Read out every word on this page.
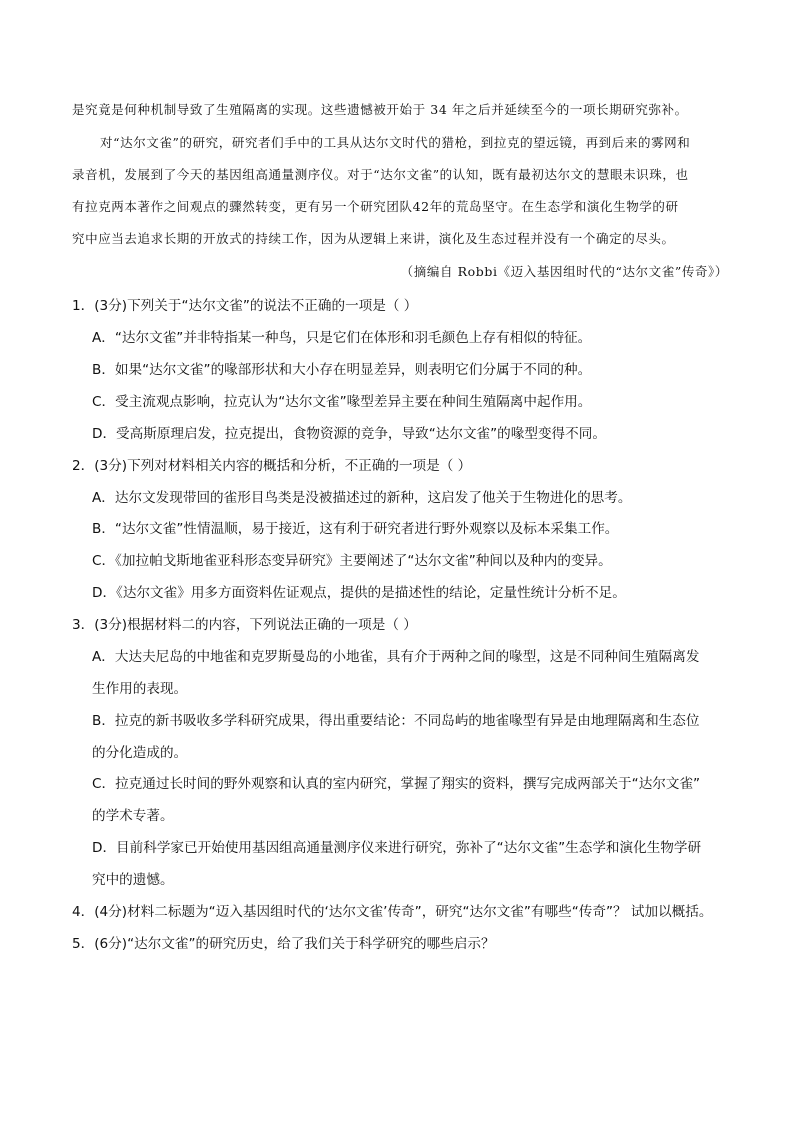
是究竟是何种机制导致了生殖隔离的实现。这些遗憾被开始于 34 年之后并延续至今的一项长期研究弥补。
对“达尔文雀”的研究，研究者们手中的工具从达尔文时代的猎枪，到拉克的望远镜，再到后来的雾网和
录音机，发展到了今天的基因组高通量测序仪。对于“达尔文雀”的认知，既有最初达尔文的慧眼未识珠，也
有拉克两本著作之间观点的骤然转变，更有另一个研究团队42年的荒岛坚守。在生态学和演化生物学的研
究中应当去追求长期的开放式的持续工作，因为从逻辑上来讲，演化及生态过程并没有一个确定的尽头。
（摘编自 Robbi《迈入基因组时代的“达尔文雀”传奇》）
1．(3分)下列关于“达尔文雀”的说法不正确的一项是（ ）
A．“达尔文雀”并非特指某一种鸟，只是它们在体形和羽毛颜色上存有相似的特征。
B．如果“达尔文雀”的喙部形状和大小存在明显差异，则表明它们分属于不同的种。
C．受主流观点影响，拉克认为“达尔文雀”喙型差异主要在种间生殖隔离中起作用。
D．受高斯原理启发，拉克提出，食物资源的竞争，导致“达尔文雀”的喙型变得不同。
2．(3分)下列对材料相关内容的概括和分析，不正确的一项是（ ）
A．达尔文发现带回的雀形目鸟类是没被描述过的新种，这启发了他关于生物进化的思考。
B．“达尔文雀”性情温顺，易于接近，这有利于研究者进行野外观察以及标本采集工作。
C．《加拉帕戈斯地雀亚科形态变异研究》主要阐述了“达尔文雀”种间以及种内的变异。
D．《达尔文雀》用多方面资料佐证观点，提供的是描述性的结论，定量性统计分析不足。
3．(3分)根据材料二的内容，下列说法正确的一项是（ ）
A．大达夫尼岛的中地雀和克罗斯曼岛的小地雀，具有介于两种之间的喙型，这是不同种间生殖隔离发
生作用的表现。
B．拉克的新书吸收多学科研究成果，得出重要结论：不同岛屿的地雀喙型有异是由地理隔离和生态位
的分化造成的。
C．拉克通过长时间的野外观察和认真的室内研究，掌握了翔实的资料，撰写完成两部关于“达尔文雀”
的学术专著。
D．目前科学家已开始使用基因组高通量测序仪来进行研究，弥补了“达尔文雀”生态学和演化生物学研
究中的遗憾。
4．(4分)材料二标题为“迈入基因组时代的‘达尔文雀’传奇”，研究“达尔文雀”有哪些“传奇”？ 试加以概括。
5．(6分)“达尔文雀”的研究历史，给了我们关于科学研究的哪些启示？
